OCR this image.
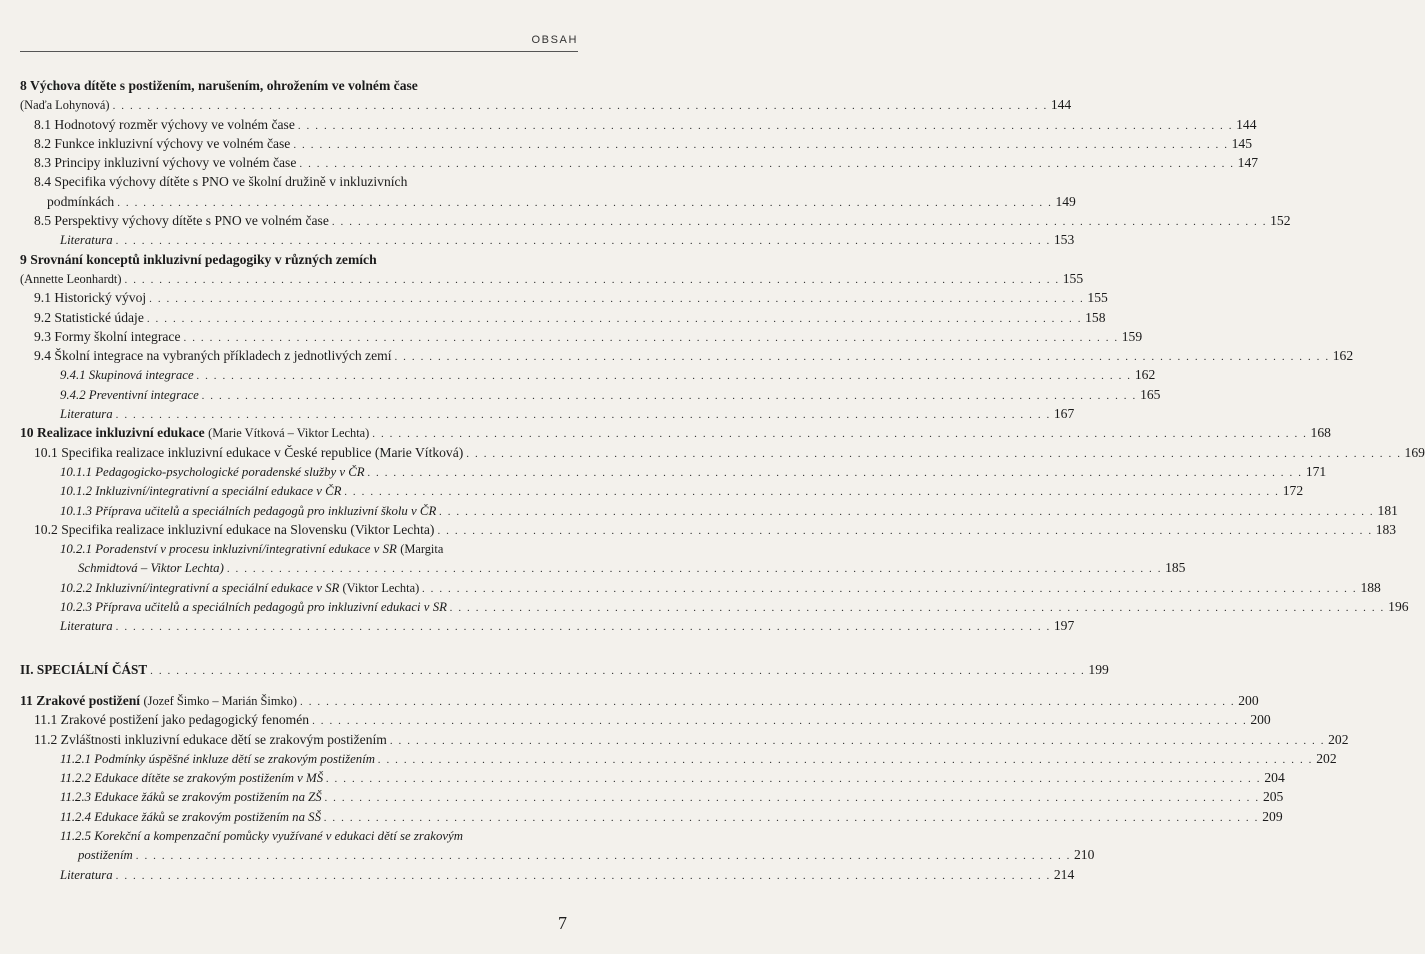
OBSAH
8 Výchova dítěte s postižením, narušením, ohrožením ve volném čase
(Naďa Lohynová) . . .	144
8.1 Hodnotový rozměr výchovy ve volném čase . . .	144
8.2 Funkce inkluzivní výchovy ve volném čase . . .	145
8.3 Principy inkluzivní výchovy ve volném čase . . .	147
8.4 Specifika výchovy dítěte s PNO ve školní družině v inkluzivních
podmínkách . . .	149
8.5 Perspektivy výchovy dítěte s PNO ve volném čase . . .	152
Literatura . . .	153
9 Srovnání konceptů inkluzivní pedagogiky v různých zemích
(Annette Leonhardt) . . .	155
9.1 Historický vývoj . . .	155
9.2 Statistické údaje . . .	158
9.3 Formy školní integrace . . .	159
9.4 Školní integrace na vybraných příkladech z jednotlivých zemí . . .	162
9.4.1 Skupinová integrace . . .	162
9.4.2 Preventivní integrace . . .	165
Literatura . . .	167
10 Realizace inkluzivní edukace (Marie Vítková – Viktor Lechta) . . .	168
10.1 Specifika realizace inkluzivní edukace v České republice (Marie Vítková) . . .	169
10.1.1 Pedagogicko-psychologické poradenské služby v ČR . . .	171
10.1.2 Inkluzivní/integrativní a speciální edukace v ČR . . .	172
10.1.3 Příprava učitelů a speciálních pedagogů pro inkluzivní školu v ČR . . .	181
10.2 Specifika realizace inkluzivní edukace na Slovensku (Viktor Lechta) . . .	183
10.2.1 Poradenství v procesu inkluzivní/integrativní edukace v SR (Margita
Schmidtová – Viktor Lechta) . . .	185
10.2.2 Inkluzivní/integrativní a speciální edukace v SR (Viktor Lechta) . . .	188
10.2.3 Příprava učitelů a speciálních pedagogů pro inkluzivní edukaci v SR . . .	196
Literatura . . .	197
II. SPECIÁLNÍ ČÁST . . .	199
11 Zrakové postižení (Jozef Šimko – Marián Šimko) . . .	200
11.1 Zrakové postižení jako pedagogický fenomén . . .	200
11.2 Zvláštnosti inkluzivní edukace dětí se zrakovým postižením . . .	202
11.2.1 Podmínky úspěšné inkluze dětí se zrakovým postižením . . .	202
11.2.2 Edukace dítěte se zrakovým postižením v MŠ . . .	204
11.2.3 Edukace žáků se zrakovým postižením na ZŠ . . .	205
11.2.4 Edukace žáků se zrakovým postižením na SŠ . . .	209
11.2.5 Korekční a kompenzační pomůcky využívané v edukaci dětí se zrakovým
postižením . . .	210
Literatura . . .	214
7
